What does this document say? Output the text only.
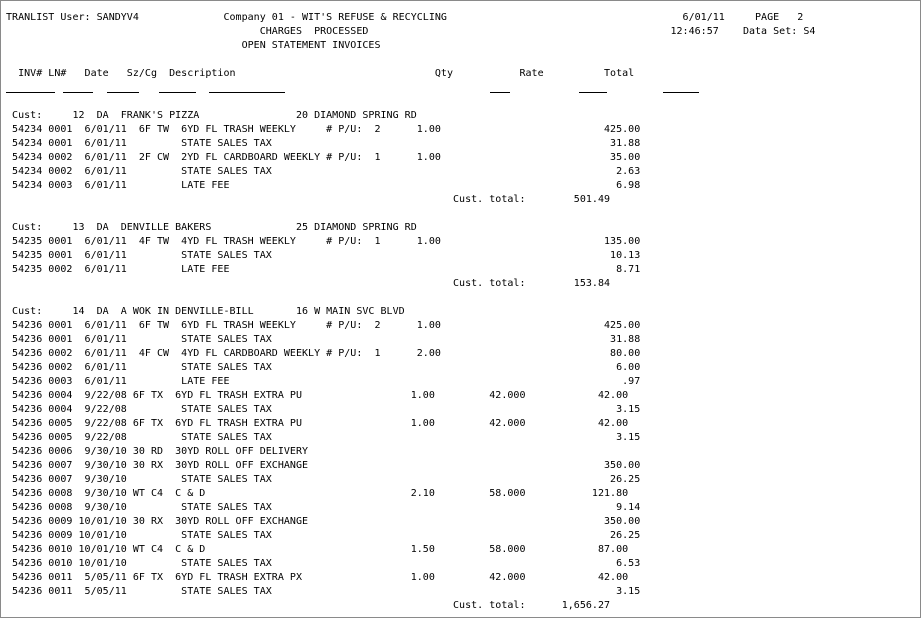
TRANLIST User: SANDYV4              Company 01 - WIT'S REFUSE & RECYCLING                                       6/01/11     PAGE   2
CHARGES  PROCESSED                                                  12:46:57    Data Set: S4
OPEN STATEMENT INVOICES
INV# LN#   Date   Sz/Cg  Description                                 Qty           Rate          Total
Cust:     12  DA  FRANK'S PIZZA                20 DIAMOND SPRING RD
54234 0001  6/01/11  6F TW  6YD FL TRASH WEEKLY     # P/U:  2      1.00                           425.00
54234 0001  6/01/11         STATE SALES TAX                                                        31.88
54234 0002  6/01/11  2F CW  2YD FL CARDBOARD WEEKLY # P/U:  1      1.00                            35.00
54234 0002  6/01/11         STATE SALES TAX                                                         2.63
54234 0003  6/01/11         LATE FEE                                                                6.98
Cust. total:        501.49
Cust:     13  DA  DENVILLE BAKERS              25 DIAMOND SPRING RD
54235 0001  6/01/11  4F TW  4YD FL TRASH WEEKLY     # P/U:  1      1.00                           135.00
54235 0001  6/01/11         STATE SALES TAX                                                        10.13
54235 0002  6/01/11         LATE FEE                                                                8.71
Cust. total:        153.84
Cust:     14  DA  A WOK IN DENVILLE-BILL       16 W MAIN SVC BLVD
54236 0001  6/01/11  6F TW  6YD FL TRASH WEEKLY     # P/U:  2      1.00                           425.00
54236 0001  6/01/11         STATE SALES TAX                                                        31.88
54236 0002  6/01/11  4F CW  4YD FL CARDBOARD WEEKLY # P/U:  1      2.00                            80.00
54236 0002  6/01/11         STATE SALES TAX                                                         6.00
54236 0003  6/01/11         LATE FEE                                                                 .97
54236 0004  9/22/08 6F TX  6YD FL TRASH EXTRA PU                  1.00         42.000            42.00
54236 0004  9/22/08         STATE SALES TAX                                                         3.15
54236 0005  9/22/08 6F TX  6YD FL TRASH EXTRA PU                  1.00         42.000            42.00
54236 0005  9/22/08         STATE SALES TAX                                                         3.15
54236 0006  9/30/10 30 RD  30YD ROLL OFF DELIVERY
54236 0007  9/30/10 30 RX  30YD ROLL OFF EXCHANGE                                                 350.00
54236 0007  9/30/10         STATE SALES TAX                                                        26.25
54236 0008  9/30/10 WT C4  C & D                                  2.10         58.000           121.80
54236 0008  9/30/10         STATE SALES TAX                                                         9.14
54236 0009 10/01/10 30 RX  30YD ROLL OFF EXCHANGE                                                 350.00
54236 0009 10/01/10         STATE SALES TAX                                                        26.25
54236 0010 10/01/10 WT C4  C & D                                  1.50         58.000            87.00
54236 0010 10/01/10         STATE SALES TAX                                                         6.53
54236 0011  5/05/11 6F TX  6YD FL TRASH EXTRA PX                  1.00         42.000            42.00
54236 0011  5/05/11         STATE SALES TAX                                                         3.15
Cust. total:      1,656.27
